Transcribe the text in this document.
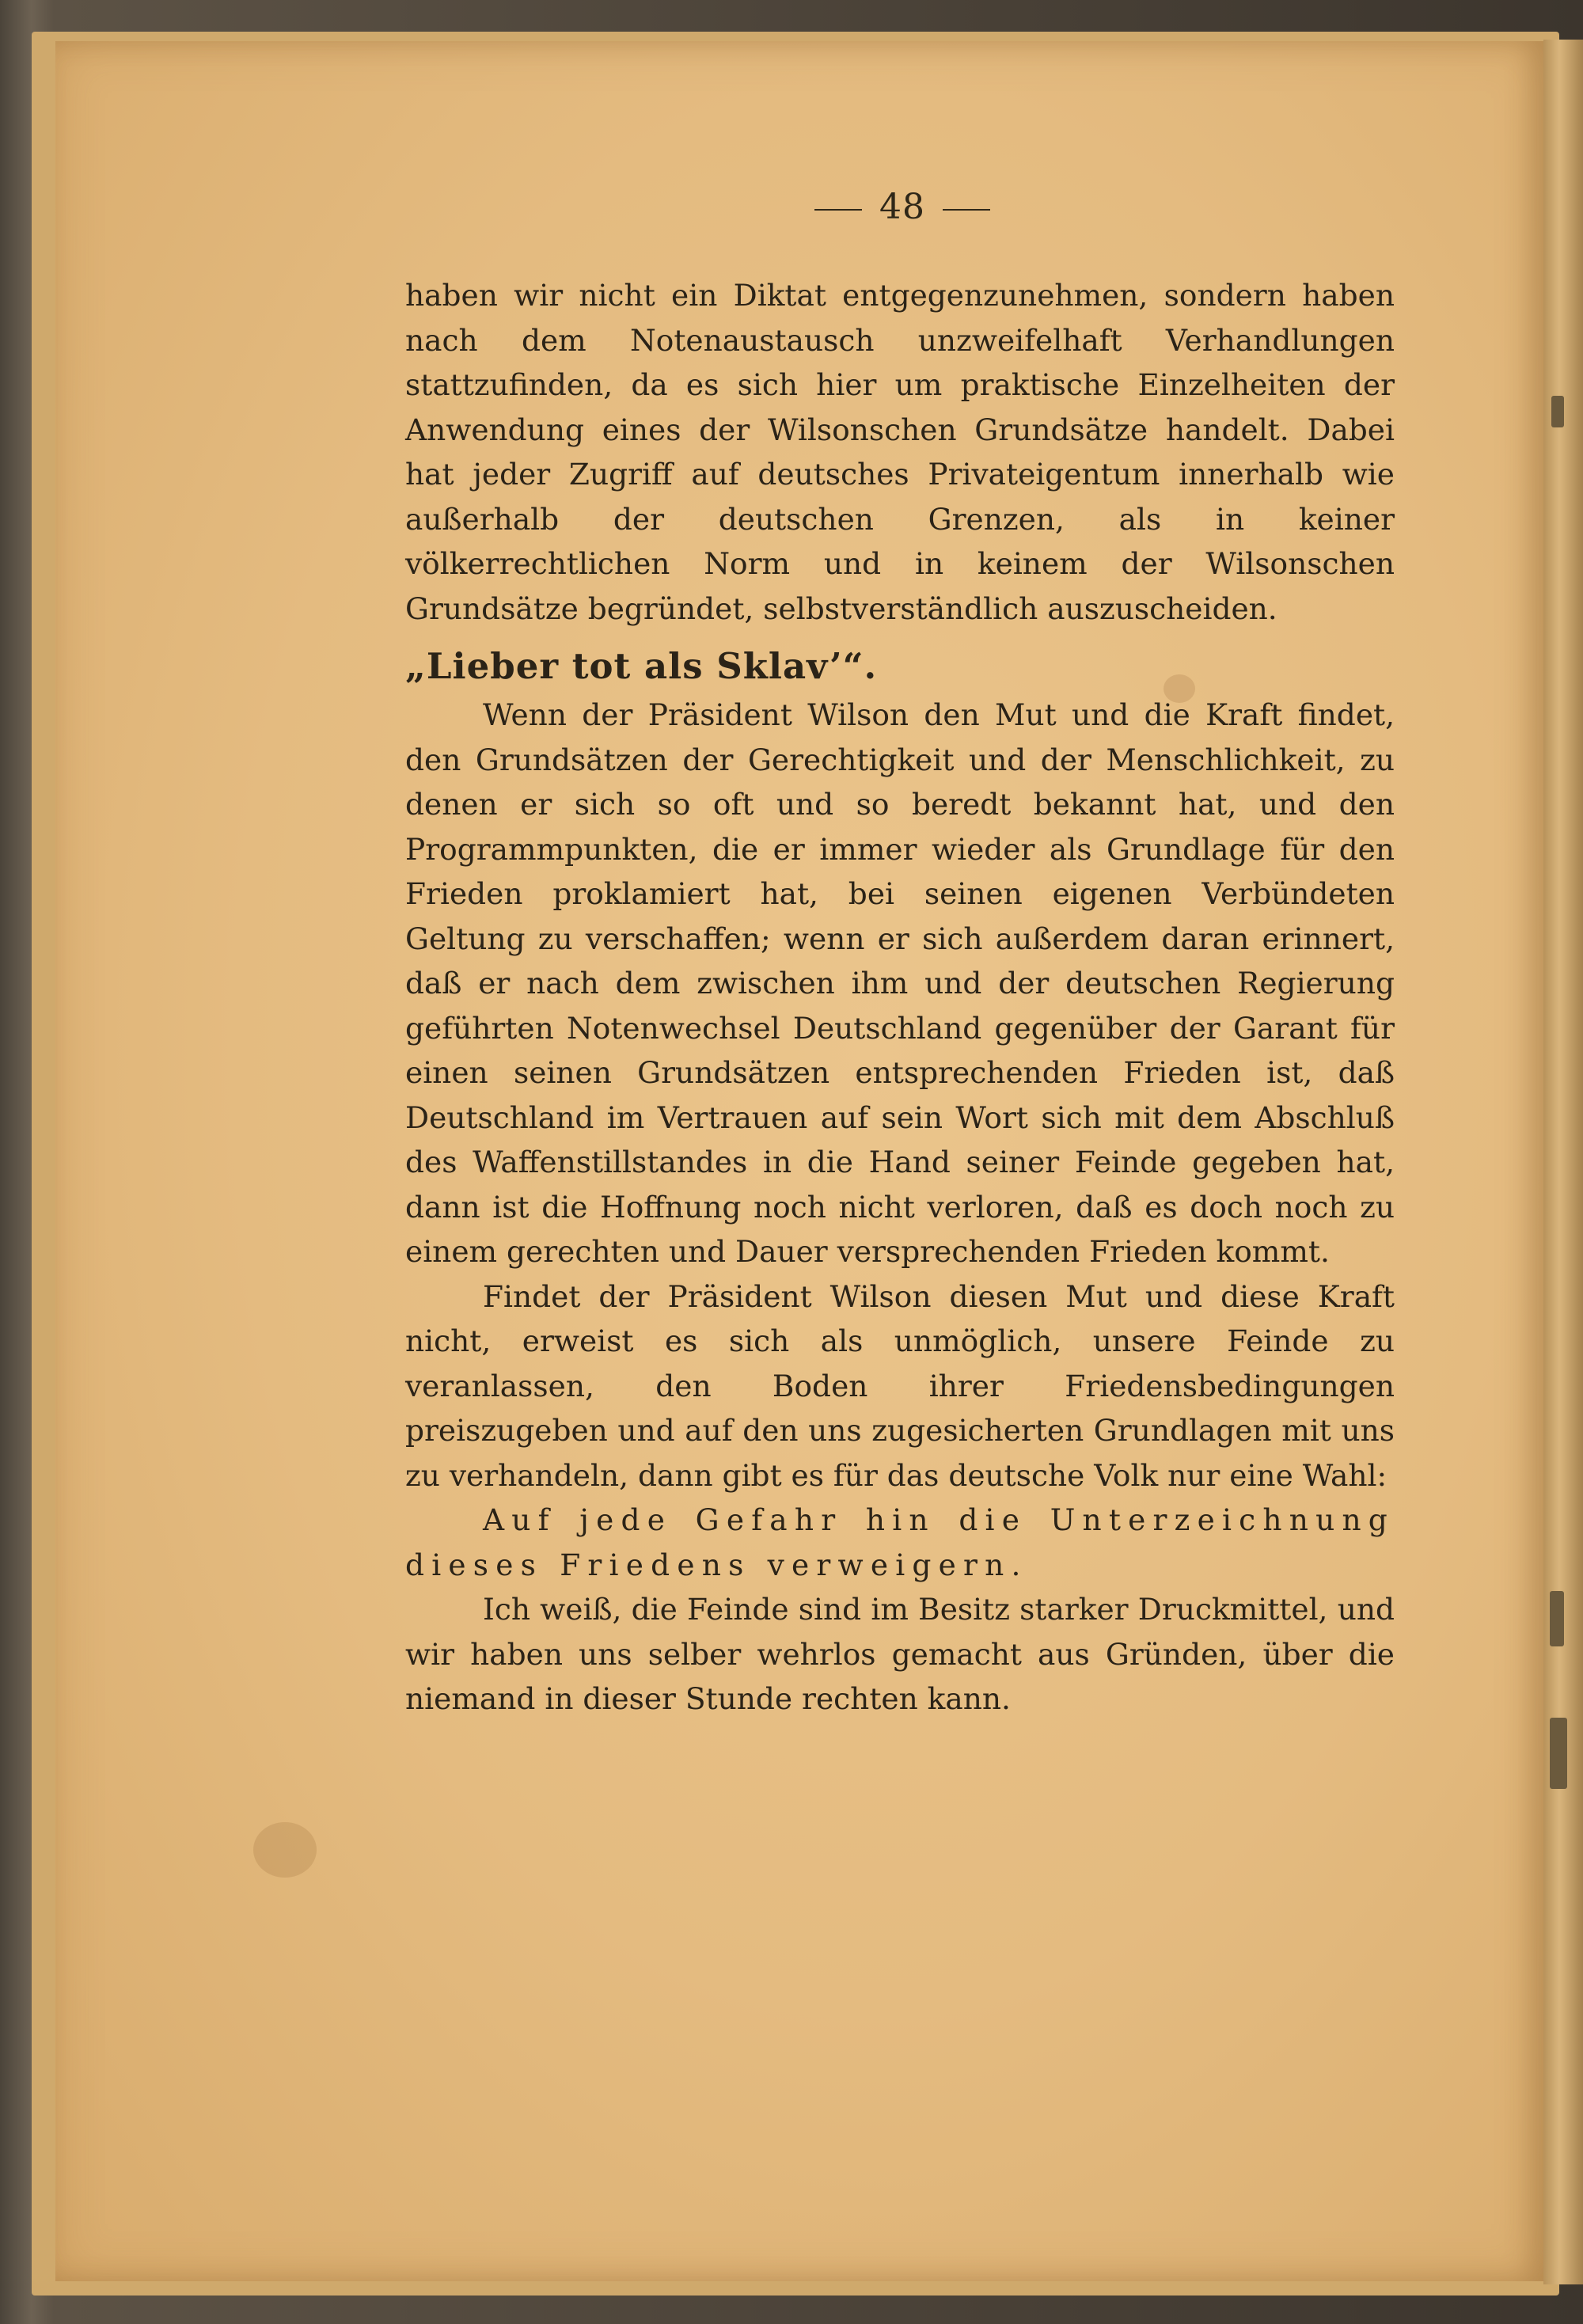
48

haben wir nicht ein Diktat entgegenzunehmen, sondern haben nach dem Notenaustausch unzweifelhaft Verhandlungen stattzufinden, da es sich hier um praktische Einzelheiten der Anwendung eines der Wilsonschen Grundsätze handelt. Dabei hat jeder Zugriff auf deutsches Privateigentum innerhalb wie außerhalb der deutschen Grenzen, als in keiner völkerrechtlichen Norm und in keinem der Wilsonschen Grundsätze begründet, selbstverständlich auszuscheiden.

„Lieber tot als Sklav’“.

Wenn der Präsident Wilson den Mut und die Kraft findet, den Grundsätzen der Gerechtigkeit und der Menschlichkeit, zu denen er sich so oft und so beredt bekannt hat, und den Programmpunkten, die er immer wieder als Grundlage für den Frieden proklamiert hat, bei seinen eigenen Verbündeten Geltung zu verschaffen; wenn er sich außerdem daran erinnert, daß er nach dem zwischen ihm und der deutschen Regierung geführten Notenwechsel Deutschland gegenüber der Garant für einen seinen Grundsätzen entsprechenden Frieden ist, daß Deutschland im Vertrauen auf sein Wort sich mit dem Abschluß des Waffenstillstandes in die Hand seiner Feinde gegeben hat, dann ist die Hoffnung noch nicht verloren, daß es doch noch zu einem gerechten und Dauer versprechenden Frieden kommt.

Findet der Präsident Wilson diesen Mut und diese Kraft nicht, erweist es sich als unmöglich, unsere Feinde zu veranlassen, den Boden ihrer Friedensbedingungen preiszugeben und auf den uns zugesicherten Grundlagen mit uns zu verhandeln, dann gibt es für das deutsche Volk nur eine Wahl:

Auf jede Gefahr hin die Unterzeichnung dieses Friedens verweigern.

Ich weiß, die Feinde sind im Besitz starker Druckmittel, und wir haben uns selber wehrlos gemacht aus Gründen, über die niemand in dieser Stunde rechten kann.
